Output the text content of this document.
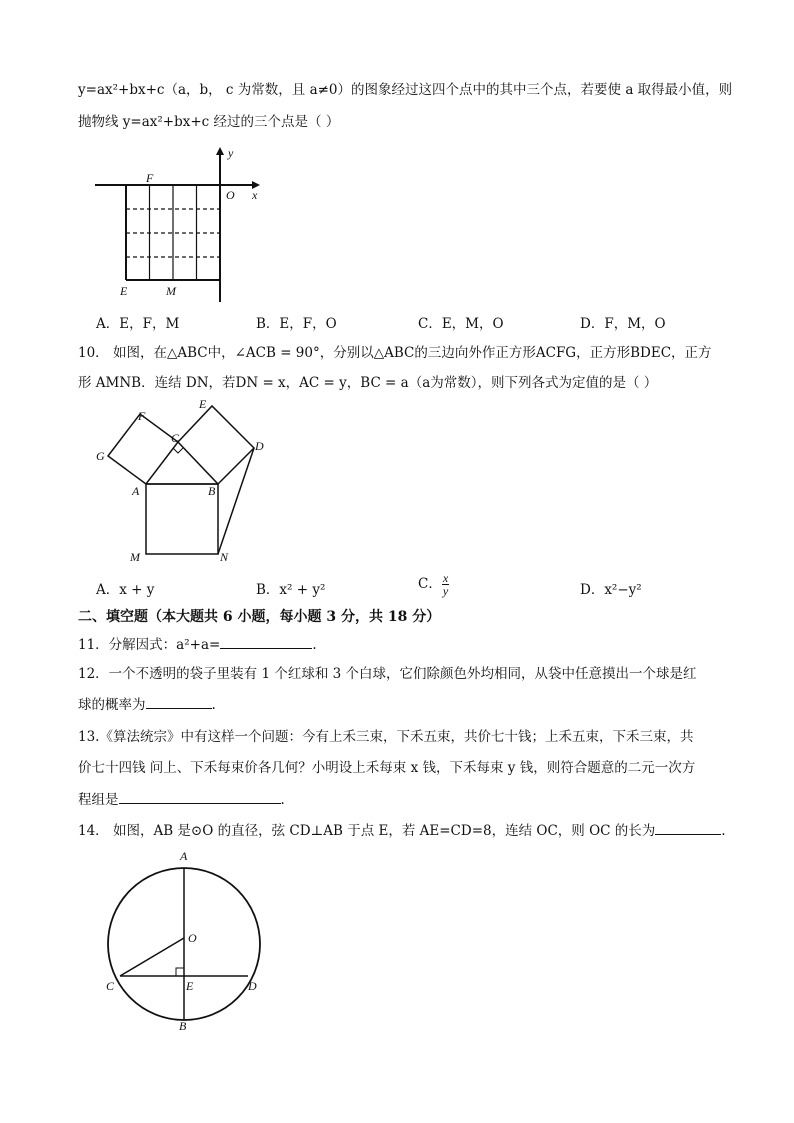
y=ax²+bx+c（a，b， c 为常数，且 a≠0）的图象经过这四个点中的其中三个点，若要使 a 取得最小值，则
抛物线 y=ax²+bx+c 经过的三个点是（ ）
y
x
O
F
E	M
A．E，F，M	B．E，F，O	C．E，M，O	D．F，M，O
10． 如图，在△ABC中，∠ACB = 90°，分别以△ABC的三边向外作正方形ACFG，正方形BDEC，正方
形 AMNB．连结 DN，若DN = x，AC = y，BC = a（a为常数），则下列各式为定值的是（ ）
F
E
C
D
G
A	B
M	N
A．x + y	B．x² + y²	C． $\frac{x}{y}$	D．x²−y²
二、填空题（本大题共 6 小题，每小题 3 分，共 18 分）
11．分解因式：a²+a=	.
12．一个不透明的袋子里装有 1 个红球和 3 个白球，它们除颜色外均相同，从袋中任意摸出一个球是红
球的概率为	.
13.《算法统宗》中有这样一个问题：今有上禾三束，下禾五束，共价七十钱；上禾五束，下禾三束，共
价七十四钱 问上、下禾每束价各几何？小明设上禾每束 x 钱，下禾每束 y 钱，则符合题意的二元一次方
程组是	.
14． 如图，AB 是⊙O 的直径，弦 CD⊥AB 于点 E，若 AE=CD=8，连结 OC，则 OC 的长为	.
A
O
C	E	D
B
